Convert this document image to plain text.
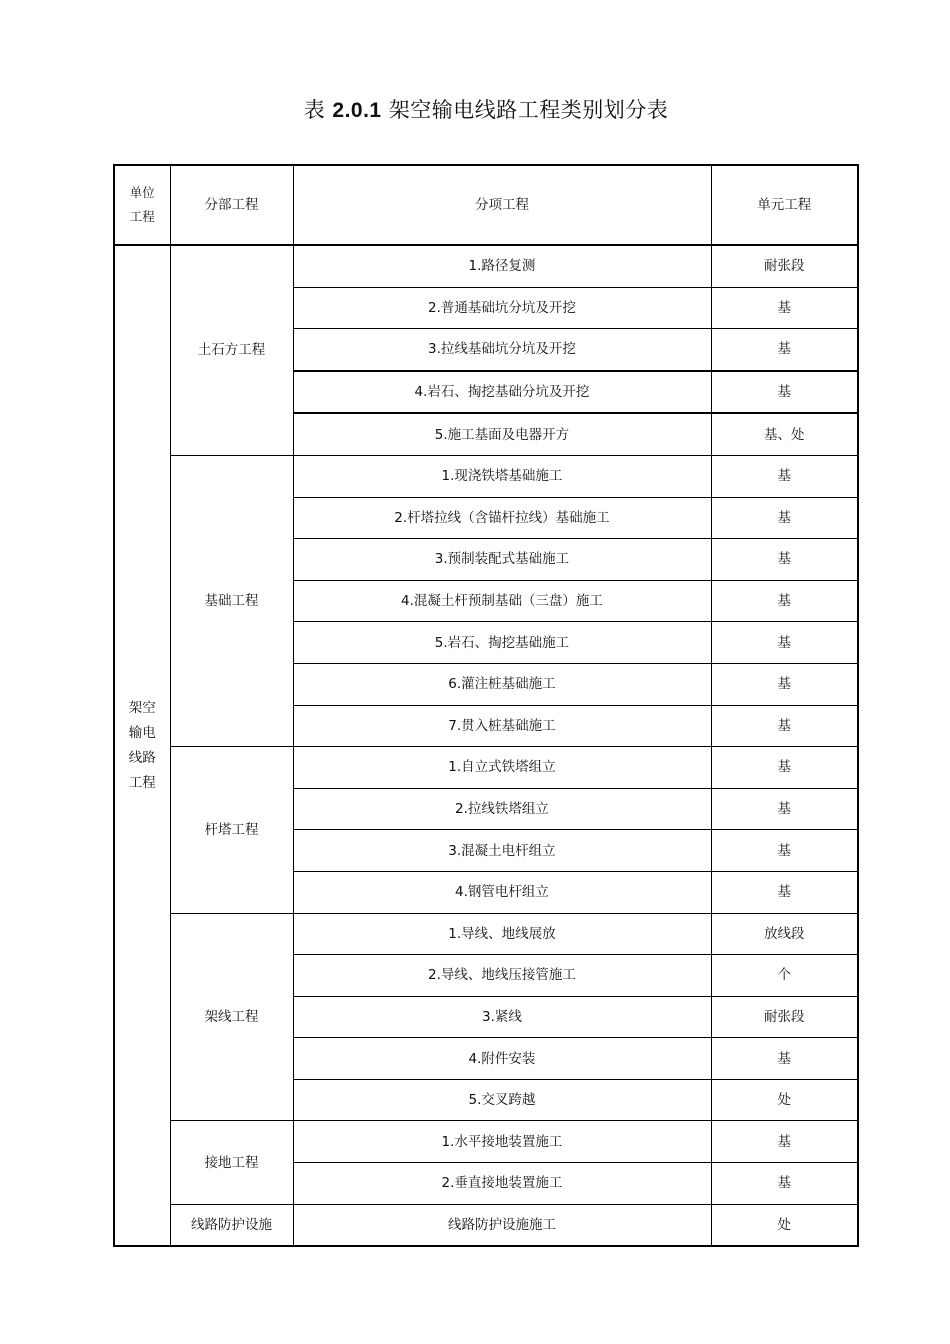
表 2.0.1 架空输电线路工程类别划分表
单位
工程	分部工程	分项工程	单元工程
架空
输电
线路
工程	土石方工程	1.路径复测	耐张段
		2.普通基础坑分坑及开挖	基
		3.拉线基础坑分坑及开挖	基
		4.岩石、掏挖基础分坑及开挖	基
		5.施工基面及电器开方	基、处
	基础工程	1.现浇铁塔基础施工	基
		2.杆塔拉线（含锚杆拉线）基础施工	基
		3.预制装配式基础施工	基
		4.混凝土杆预制基础（三盘）施工	基
		5.岩石、掏挖基础施工	基
		6.灌注桩基础施工	基
		7.贯入桩基础施工	基
	杆塔工程	1.自立式铁塔组立	基
		2.拉线铁塔组立	基
		3.混凝土电杆组立	基
		4.钢管电杆组立	基
	架线工程	1.导线、地线展放	放线段
		2.导线、地线压接管施工	个
		3.紧线	耐张段
		4.附件安装	基
		5.交叉跨越	处
	接地工程	1.水平接地装置施工	基
		2.垂直接地装置施工	基
	线路防护设施	线路防护设施施工	处
